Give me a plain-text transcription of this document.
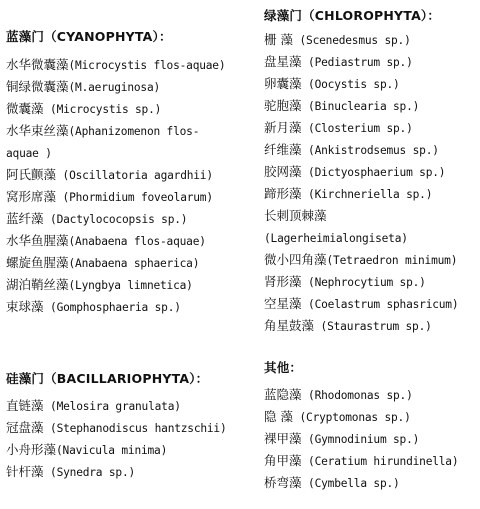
蓝藻门（CYANOPHYTA）：
水华微囊藻(Microcystis flos-aquae)
铜绿微囊藻(M.aeruginosa)
微囊藻 (Microcystis sp.)
水华束丝藻(Aphanizomenon flos-
aquae )
阿氏颤藻 (Oscillatoria agardhii)
窝形席藻 (Phormidium foveolarum)
蓝纤藻 (Dactylococopsis sp.)
水华鱼腥藻(Anabaena flos-aquae)
螺旋鱼腥藻(Anabaena sphaerica)
湖泊鞘丝藻(Lyngbya limnetica)
束球藻 (Gomphosphaeria sp.)
硅藻门（BACILLARIOPHYTA）：
直链藻 (Melosira granulata)
冠盘藻 (Stephanodiscus hantzschii)
小舟形藻(Navicula minima)
针杆藻 (Synedra sp.)
绿藻门（CHLOROPHYTA）：
栅 藻 (Scenedesmus sp.)
盘星藻 (Pediastrum sp.)
卵囊藻 (Oocystis sp.)
驼胞藻 (Binuclearia sp.)
新月藻 (Closterium sp.)
纤维藻 (Ankistrodsemus sp.)
胶网藻 (Dictyosphaerium sp.)
蹄形藻 (Kirchneriella sp.)
长刺顶棘藻
(Lagerheimialongiseta)
微小四角藻(Tetraedron minimum)
肾形藻 (Nephrocytium sp.)
空星藻 (Coelastrum sphasricum)
角星鼓藻 (Staurastrum sp.)
其他：
蓝隐藻 (Rhodomonas sp.)
隐 藻 (Cryptomonas sp.)
裸甲藻 (Gymnodinium sp.)
角甲藻 (Ceratium hirundinella)
桥弯藻 (Cymbella sp.)
